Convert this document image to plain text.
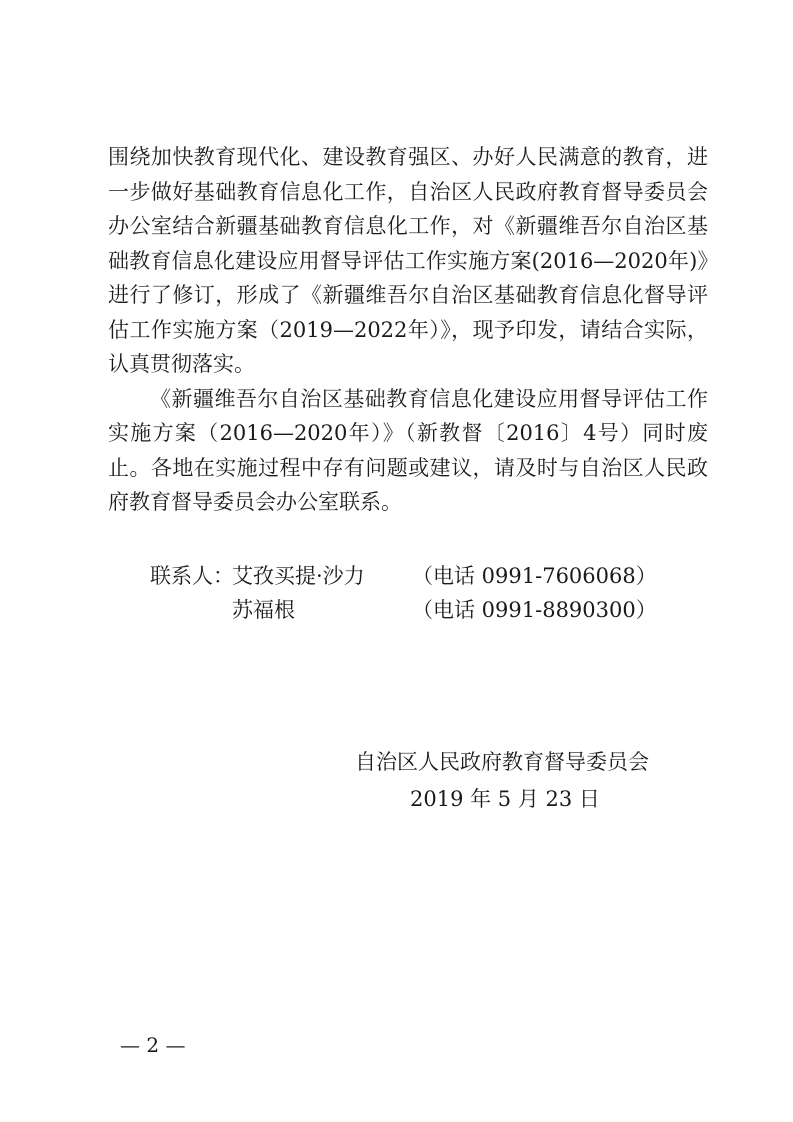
围绕加快教育现代化、建设教育强区、办好人民满意的教育，进一步做好基础教育信息化工作，自治区人民政府教育督导委员会办公室结合新疆基础教育信息化工作，对《新疆维吾尔自治区基础教育信息化建设应用督导评估工作实施方案(2016—2020年)》进行了修订，形成了《新疆维吾尔自治区基础教育信息化督导评估工作实施方案（2019—2022年）》，现予印发，请结合实际，认真贯彻落实。

《新疆维吾尔自治区基础教育信息化建设应用督导评估工作实施方案（2016—2020年）》（新教督〔2016〕4号）同时废止。各地在实施过程中存有问题或建议，请及时与自治区人民政府教育督导委员会办公室联系。

联系人：
艾孜买提·沙力 （电话 0991-7606068）
苏福根	（电话 0991-8890300）
自治区人民政府教育督导委员会
2019 年 5 月 23 日
— 2 —
